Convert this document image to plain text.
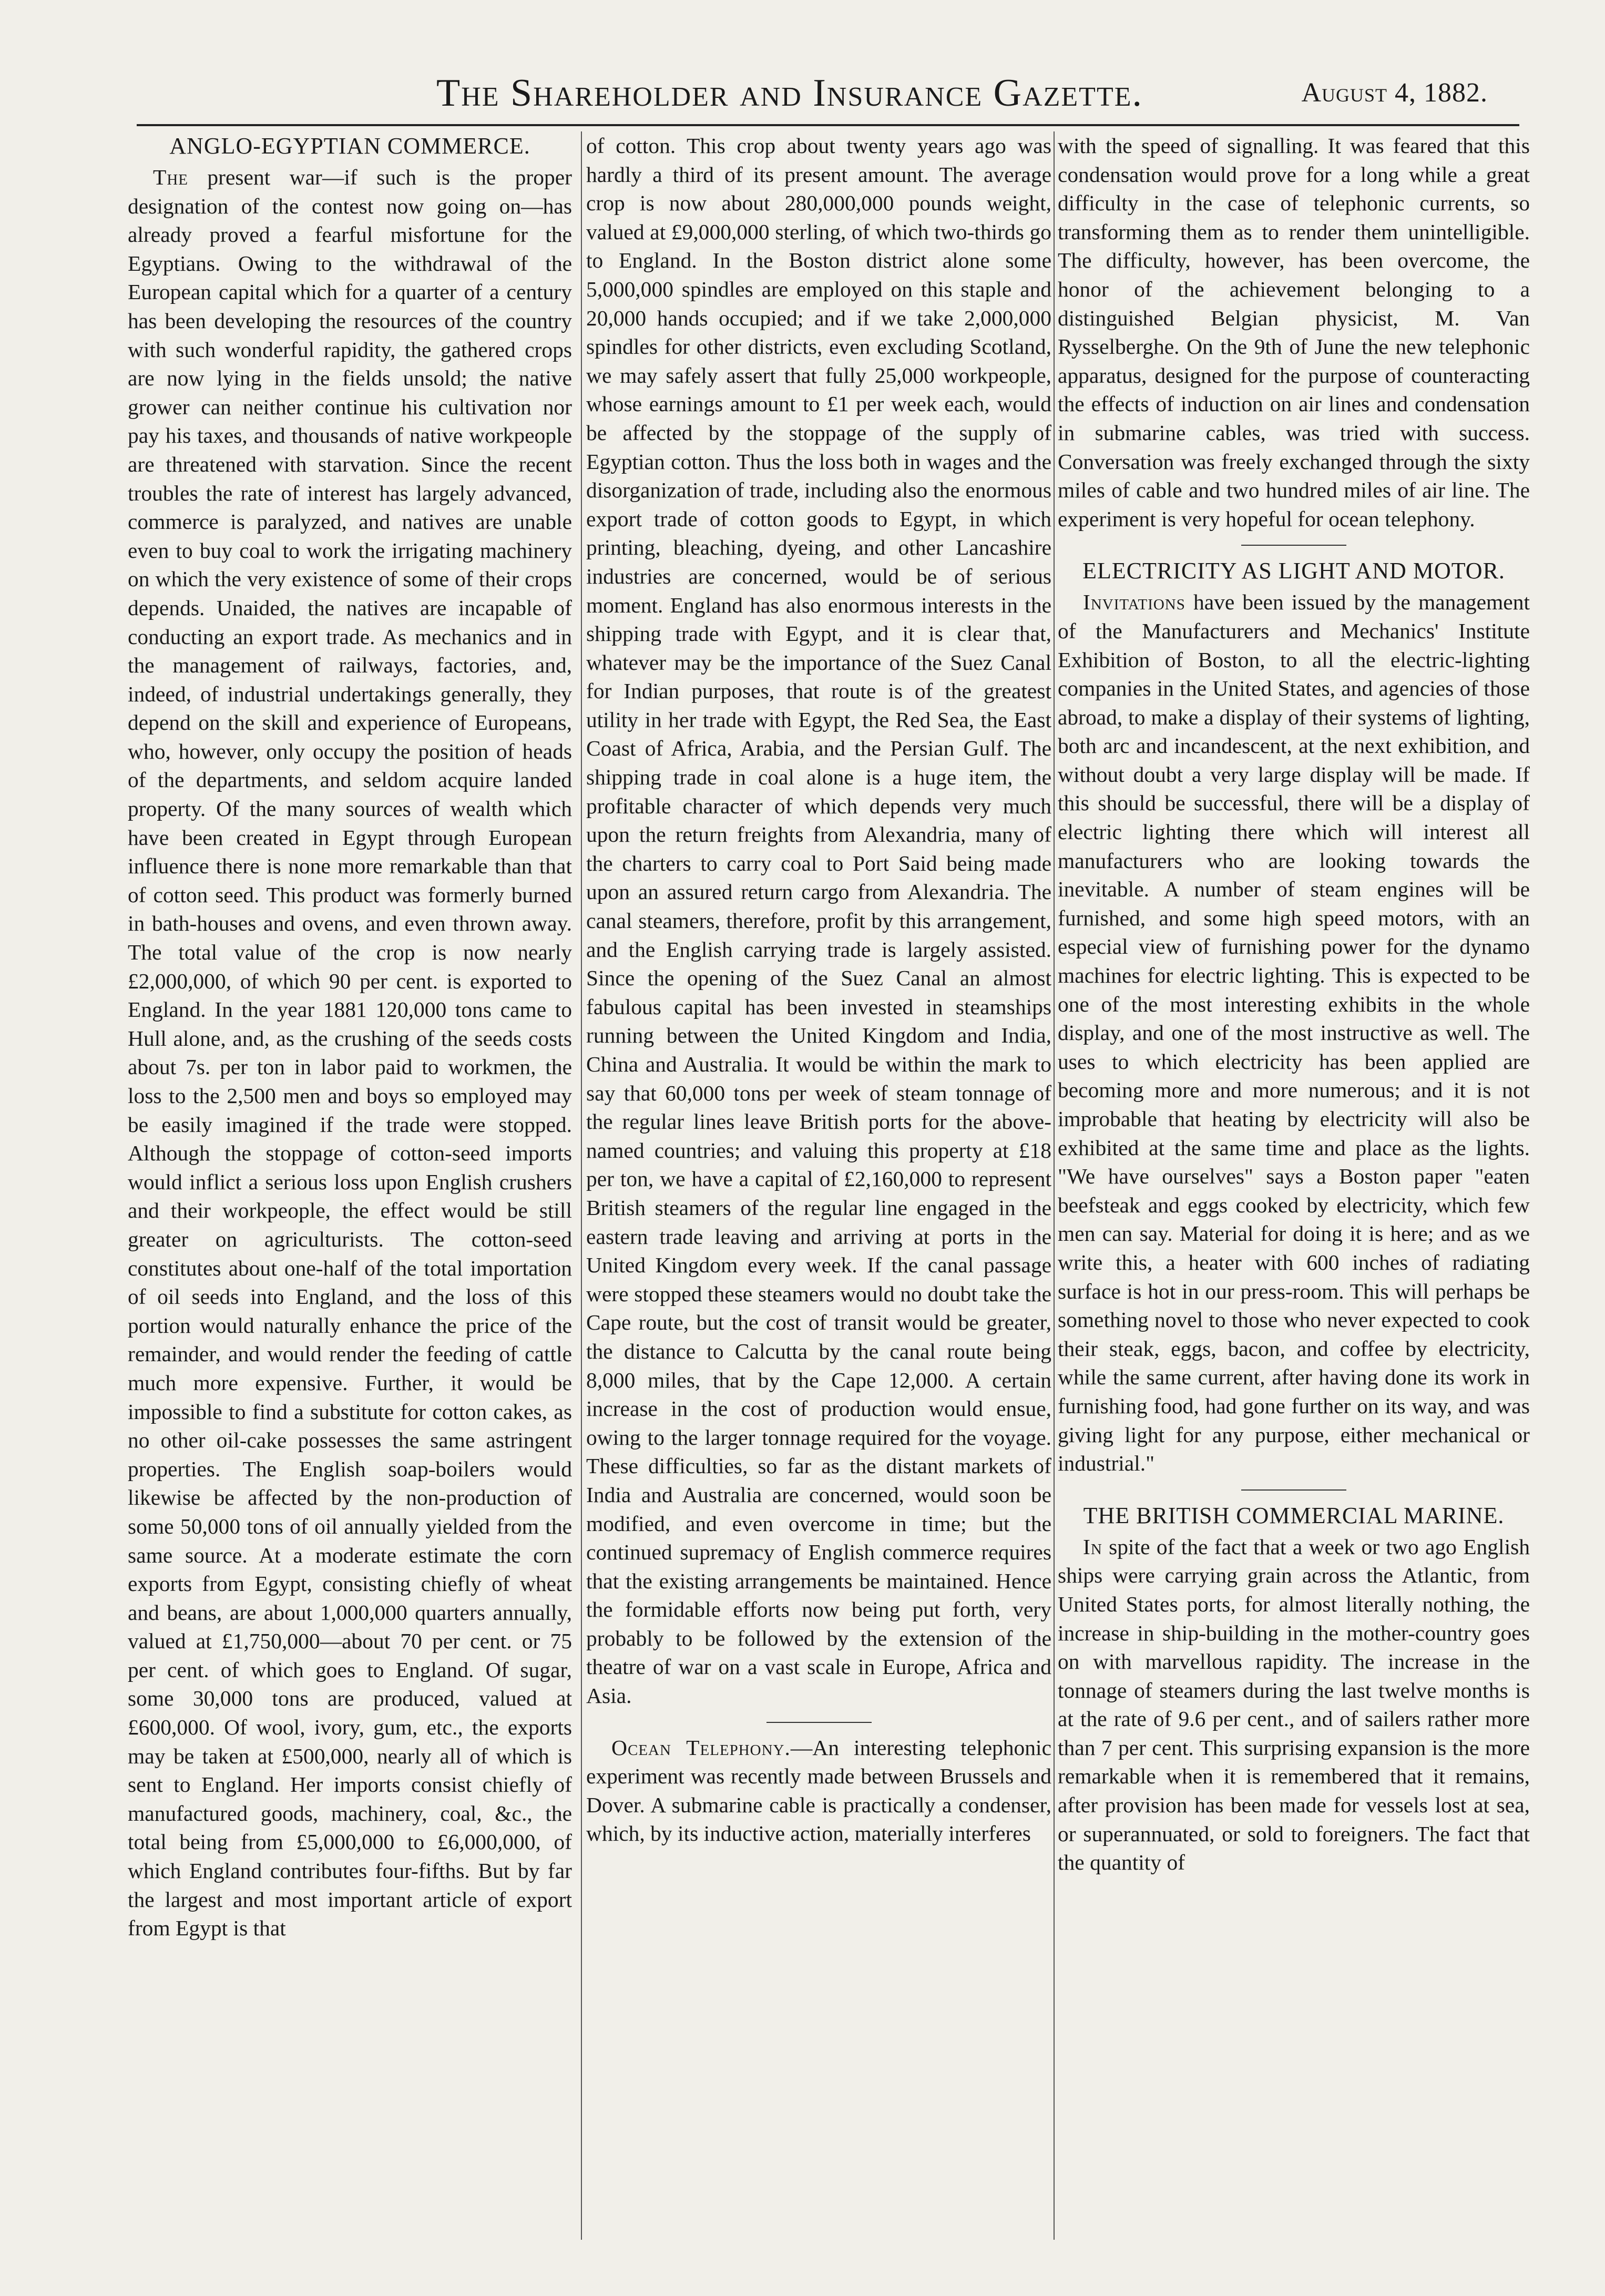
The Shareholder and Insurance Gazette.	August 4, 1882.
ANGLO-EGYPTIAN COMMERCE.

The present war—if such is the proper designation of the contest now going on—has already proved a fearful misfortune for the Egyptians. Owing to the withdrawal of the European capital which for a quarter of a century has been developing the resources of the country with such wonderful rapidity, the gathered crops are now lying in the fields unsold; the native grower can neither continue his cultivation nor pay his taxes, and thousands of native workpeople are threatened with starvation. Since the recent troubles the rate of interest has largely advanced, commerce is paralyzed, and natives are unable even to buy coal to work the irrigating machinery on which the very existence of some of their crops depends. Unaided, the natives are incapable of conducting an export trade. As mechanics and in the management of railways, factories, and, indeed, of industrial undertakings generally, they depend on the skill and experience of Europeans, who, however, only occupy the position of heads of the departments, and seldom acquire landed property. Of the many sources of wealth which have been created in Egypt through European influence there is none more remarkable than that of cotton seed. This product was formerly burned in bath-houses and ovens, and even thrown away. The total value of the crop is now nearly £2,000,000, of which 90 per cent. is exported to England. In the year 1881 120,000 tons came to Hull alone, and, as the crushing of the seeds costs about 7s. per ton in labor paid to workmen, the loss to the 2,500 men and boys so employed may be easily imagined if the trade were stopped. Although the stoppage of cotton-seed imports would inflict a serious loss upon English crushers and their workpeople, the effect would be still greater on agriculturists. The cotton-seed constitutes about one-half of the total importation of oil seeds into England, and the loss of this portion would naturally enhance the price of the remainder, and would render the feeding of cattle much more expensive. Further, it would be impossible to find a substitute for cotton cakes, as no other oil-cake possesses the same astringent properties. The English soap-boilers would likewise be affected by the non-production of some 50,000 tons of oil annually yielded from the same source. At a moderate estimate the corn exports from Egypt, consisting chiefly of wheat and beans, are about 1,000,000 quarters annually, valued at £1,750,000—about 70 per cent. or 75 per cent. of which goes to England. Of sugar, some 30,000 tons are produced, valued at £600,000. Of wool, ivory, gum, etc., the exports may be taken at £500,000, nearly all of which is sent to England. Her imports consist chiefly of manufactured goods, machinery, coal, &c., the total being from £5,000,000 to £6,000,000, of which England contributes four-fifths. But by far the largest and most important article of export from Egypt is that

of cotton. This crop about twenty years ago was hardly a third of its present amount. The average crop is now about 280,000,000 pounds weight, valued at £9,000,000 sterling, of which two-thirds go to England. In the Boston district alone some 5,000,000 spindles are employed on this staple and 20,000 hands occupied; and if we take 2,000,000 spindles for other districts, even excluding Scotland, we may safely assert that fully 25,000 workpeople, whose earnings amount to £1 per week each, would be affected by the stoppage of the supply of Egyptian cotton. Thus the loss both in wages and the disorganization of trade, including also the enormous export trade of cotton goods to Egypt, in which printing, bleaching, dyeing, and other Lancashire industries are concerned, would be of serious moment. England has also enormous interests in the shipping trade with Egypt, and it is clear that, whatever may be the importance of the Suez Canal for Indian purposes, that route is of the greatest utility in her trade with Egypt, the Red Sea, the East Coast of Africa, Arabia, and the Persian Gulf. The shipping trade in coal alone is a huge item, the profitable character of which depends very much upon the return freights from Alexandria, many of the charters to carry coal to Port Said being made upon an assured return cargo from Alexandria. The canal steamers, therefore, profit by this arrangement, and the English carrying trade is largely assisted. Since the opening of the Suez Canal an almost fabulous capital has been invested in steamships running between the United Kingdom and India, China and Australia. It would be within the mark to say that 60,000 tons per week of steam tonnage of the regular lines leave British ports for the above-named countries; and valuing this property at £18 per ton, we have a capital of £2,160,000 to represent British steamers of the regular line engaged in the eastern trade leaving and arriving at ports in the United Kingdom every week. If the canal passage were stopped these steamers would no doubt take the Cape route, but the cost of transit would be greater, the distance to Calcutta by the canal route being 8,000 miles, that by the Cape 12,000. A certain increase in the cost of production would ensue, owing to the larger tonnage required for the voyage. These difficulties, so far as the distant markets of India and Australia are concerned, would soon be modified, and even overcome in time; but the continued supremacy of English commerce requires that the existing arrangements be maintained. Hence the formidable efforts now being put forth, very probably to be followed by the extension of the theatre of war on a vast scale in Europe, Africa and Asia.

Ocean Telephony.—An interesting telephonic experiment was recently made between Brussels and Dover. A submarine cable is practically a condenser, which, by its inductive action, materially interferes

with the speed of signalling. It was feared that this condensation would prove for a long while a great difficulty in the case of telephonic currents, so transforming them as to render them unintelligible. The difficulty, however, has been overcome, the honor of the achievement belonging to a distinguished Belgian physicist, M. Van Rysselberghe. On the 9th of June the new telephonic apparatus, designed for the purpose of counteracting the effects of induction on air lines and condensation in submarine cables, was tried with success. Conversation was freely exchanged through the sixty miles of cable and two hundred miles of air line. The experiment is very hopeful for ocean telephony.

ELECTRICITY AS LIGHT AND MOTOR.

Invitations have been issued by the management of the Manufacturers and Mechanics' Institute Exhibition of Boston, to all the electric-lighting companies in the United States, and agencies of those abroad, to make a display of their systems of lighting, both arc and incandescent, at the next exhibition, and without doubt a very large display will be made. If this should be successful, there will be a display of electric lighting there which will interest all manufacturers who are looking towards the inevitable. A number of steam engines will be furnished, and some high speed motors, with an especial view of furnishing power for the dynamo machines for electric lighting. This is expected to be one of the most interesting exhibits in the whole display, and one of the most instructive as well. The uses to which electricity has been applied are becoming more and more numerous; and it is not improbable that heating by electricity will also be exhibited at the same time and place as the lights. "We have ourselves" says a Boston paper "eaten beefsteak and eggs cooked by electricity, which few men can say. Material for doing it is here; and as we write this, a heater with 600 inches of radiating surface is hot in our press-room. This will perhaps be something novel to those who never expected to cook their steak, eggs, bacon, and coffee by electricity, while the same current, after having done its work in furnishing food, had gone further on its way, and was giving light for any purpose, either mechanical or industrial."

THE BRITISH COMMERCIAL MARINE.

In spite of the fact that a week or two ago English ships were carrying grain across the Atlantic, from United States ports, for almost literally nothing, the increase in ship-building in the mother-country goes on with marvellous rapidity. The increase in the tonnage of steamers during the last twelve months is at the rate of 9.6 per cent., and of sailers rather more than 7 per cent. This surprising expansion is the more remarkable when it is remembered that it remains, after provision has been made for vessels lost at sea, or superannuated, or sold to foreigners. The fact that the quantity of
